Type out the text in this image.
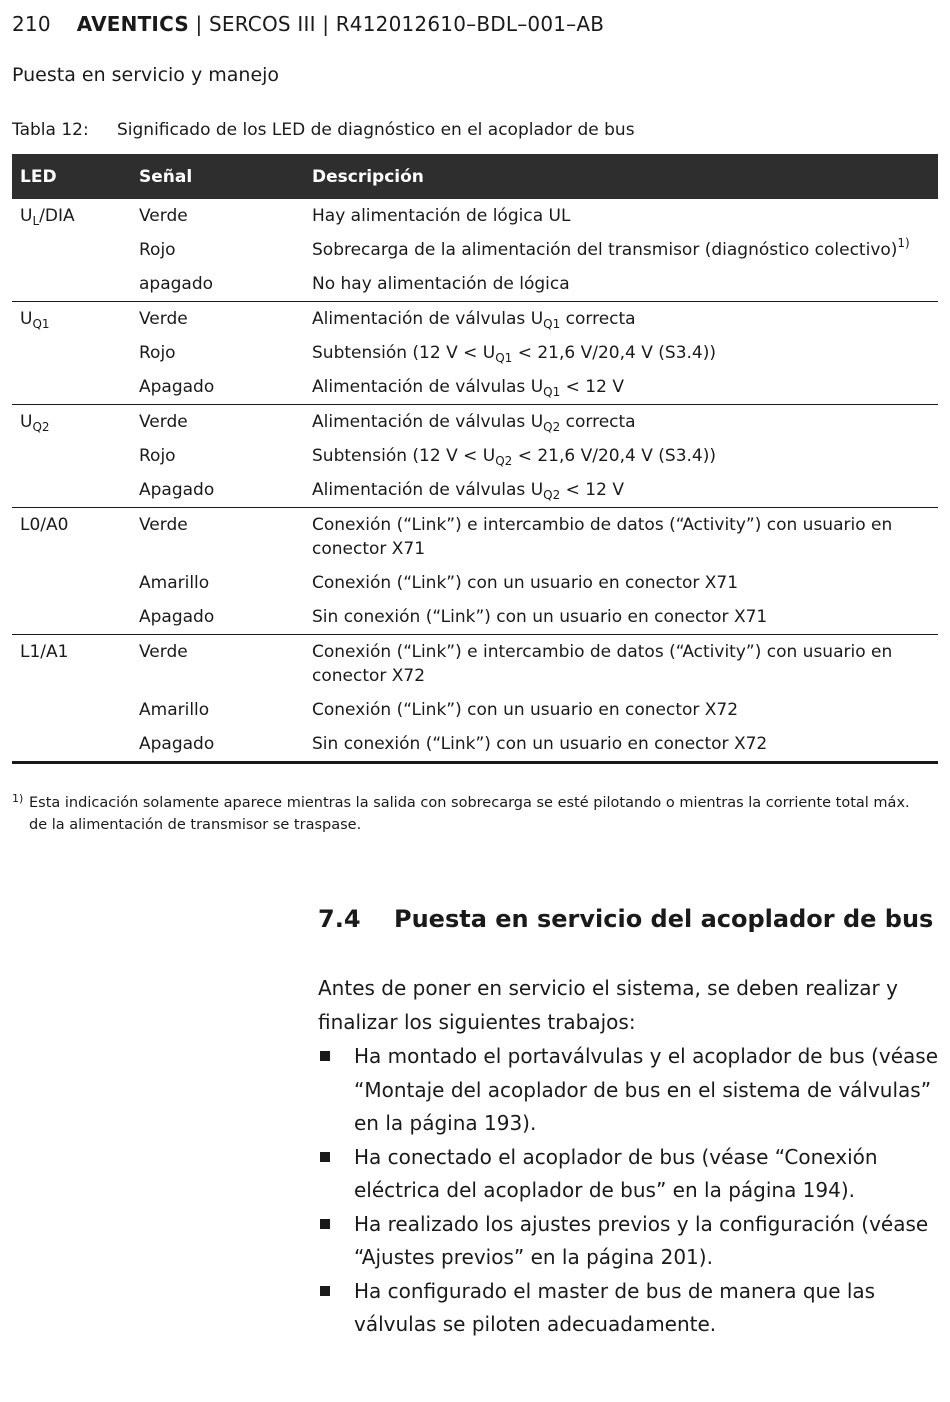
210 AVENTICS | SERCOS III | R412012610–BDL–001–AB
Puesta en servicio y manejo
Tabla 12: Significado de los LED de diagnóstico en el acoplador de bus
LED	Señal	Descripción
$U_L$/DIA	Verde	Hay alimentación de lógica UL
	Rojo	Sobrecarga de la alimentación del transmisor (diagnóstico colectivo)$^{1)}$
	apagado	No hay alimentación de lógica
$U_{Q1}$	Verde	Alimentación de válvulas $U_{Q1}$ correcta
	Rojo	Subtensión (12 $V < U_{Q1} < 21,6$ V/20,4 V (S3.4))
	Apagado	Alimentación de válvulas $U_{Q1} < 12$ V
$U_{Q2}$	Verde	Alimentación de válvulas $U_{Q2}$ correcta
	Rojo	Subtensión (12 $V < U_{Q2} < 21,6$ V/20,4 V (S3.4))
	Apagado	Alimentación de válvulas $U_{Q2} < 12$ V
L0/A0	Verde	Conexión (“Link”) e intercambio de datos (“Activity”) con usuario en conector X71
	Amarillo	Conexión (“Link”) con un usuario en conector X71
	Apagado	Sin conexión (“Link”) con un usuario en conector X71
L1/A1	Verde	Conexión (“Link”) e intercambio de datos (“Activity”) con usuario en conector X72
	Amarillo	Conexión (“Link”) con un usuario en conector X72
	Apagado	Sin conexión (“Link”) con un usuario en conector X72
1) Esta indicación solamente aparece mientras la salida con sobrecarga se esté pilotando o mientras la corriente total máx. de la alimentación de transmisor se traspase.
7.4 Puesta en servicio del acoplador de bus
Antes de poner en servicio el sistema, se deben realizar y finalizar los siguientes trabajos:
Ha montado el portaválvulas y el acoplador de bus (véase “Montaje del acoplador de bus en el sistema de válvulas” en la página 193).
Ha conectado el acoplador de bus (véase “Conexión eléctrica del acoplador de bus” en la página 194).
Ha realizado los ajustes previos y la configuración (véase “Ajustes previos” en la página 201).
Ha configurado el master de bus de manera que las válvulas se piloten adecuadamente.
